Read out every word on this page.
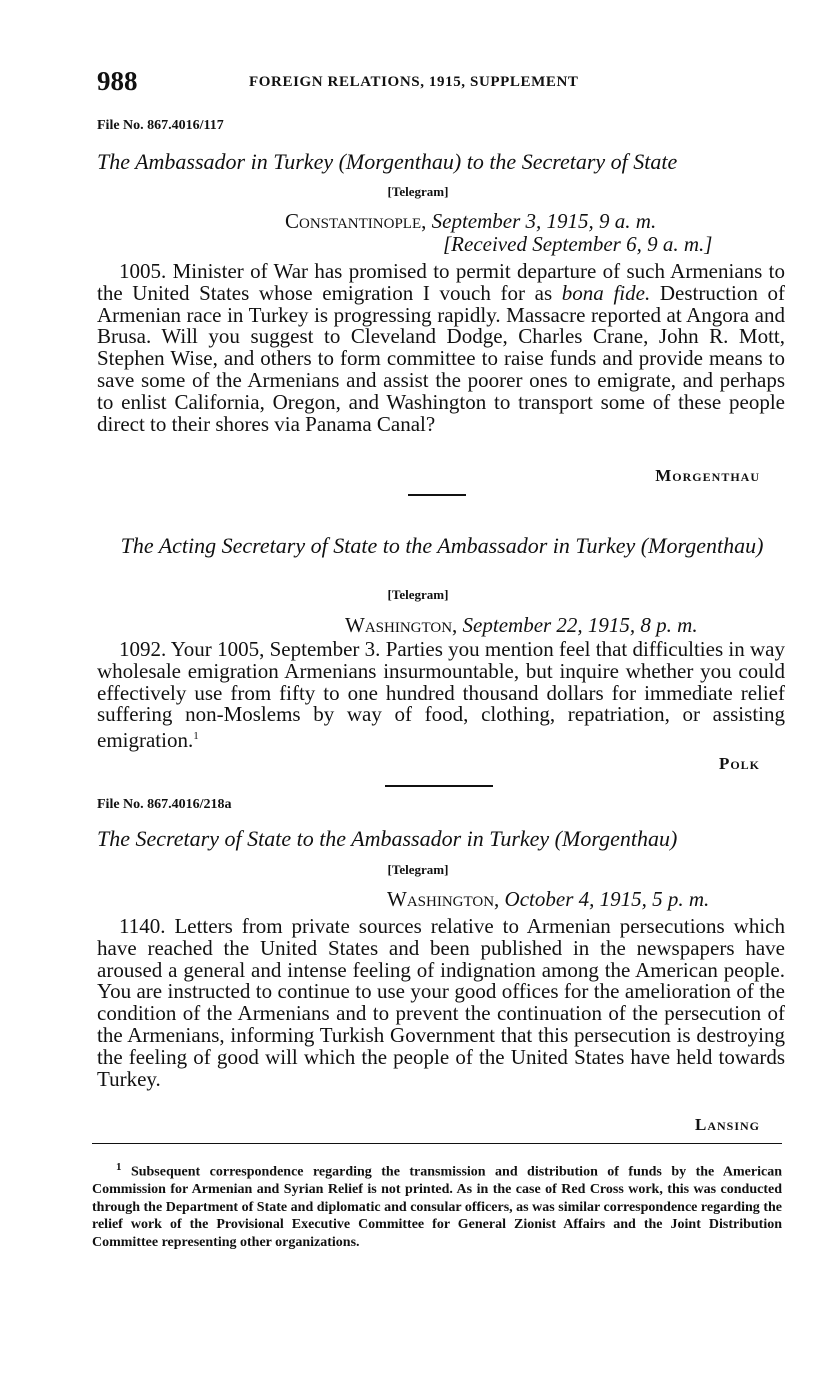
988	FOREIGN RELATIONS, 1915, SUPPLEMENT
File No. 867.4016/117
The Ambassador in Turkey (Morgenthau) to the Secretary of State
[Telegram]
Constantinople, September 3, 1915, 9 a. m.
[Received September 6, 9 a. m.]

1005. Minister of War has promised to permit departure of such Armenians to the United States whose emigration I vouch for as bona fide. Destruction of Armenian race in Turkey is progressing rapidly. Massacre reported at Angora and Brusa. Will you suggest to Cleveland Dodge, Charles Crane, John R. Mott, Stephen Wise, and others to form committee to raise funds and provide means to save some of the Armenians and assist the poorer ones to emigrate, and perhaps to enlist California, Oregon, and Washington to transport some of these people direct to their shores via Panama Canal?

Morgenthau
The Acting Secretary of State to the Ambassador in Turkey (Morgenthau)
[Telegram]
Washington, September 22, 1915, 8 p. m.

1092. Your 1005, September 3. Parties you mention feel that difficulties in way wholesale emigration Armenians insurmountable, but inquire whether you could effectively use from fifty to one hundred thousand dollars for immediate relief suffering non-Moslems by way of food, clothing, repatriation, or assisting emigration.$^1$

Polk
File No. 867.4016/218a
The Secretary of State to the Ambassador in Turkey (Morgenthau)
[Telegram]
Washington, October 4, 1915, 5 p. m.

1140. Letters from private sources relative to Armenian persecutions which have reached the United States and been published in the newspapers have aroused a general and intense feeling of indignation among the American people. You are instructed to continue to use your good offices for the amelioration of the condition of the Armenians and to prevent the continuation of the persecution of the Armenians, informing Turkish Government that this persecution is destroying the feeling of good will which the people of the United States have held towards Turkey.

Lansing

$^1$ Subsequent correspondence regarding the transmission and distribution of funds by the American Commission for Armenian and Syrian Relief is not printed. As in the case of Red Cross work, this was conducted through the Department of State and diplomatic and consular officers, as was similar correspondence regarding the relief work of the Provisional Executive Committee for General Zionist Affairs and the Joint Distribution Committee representing other organizations.
